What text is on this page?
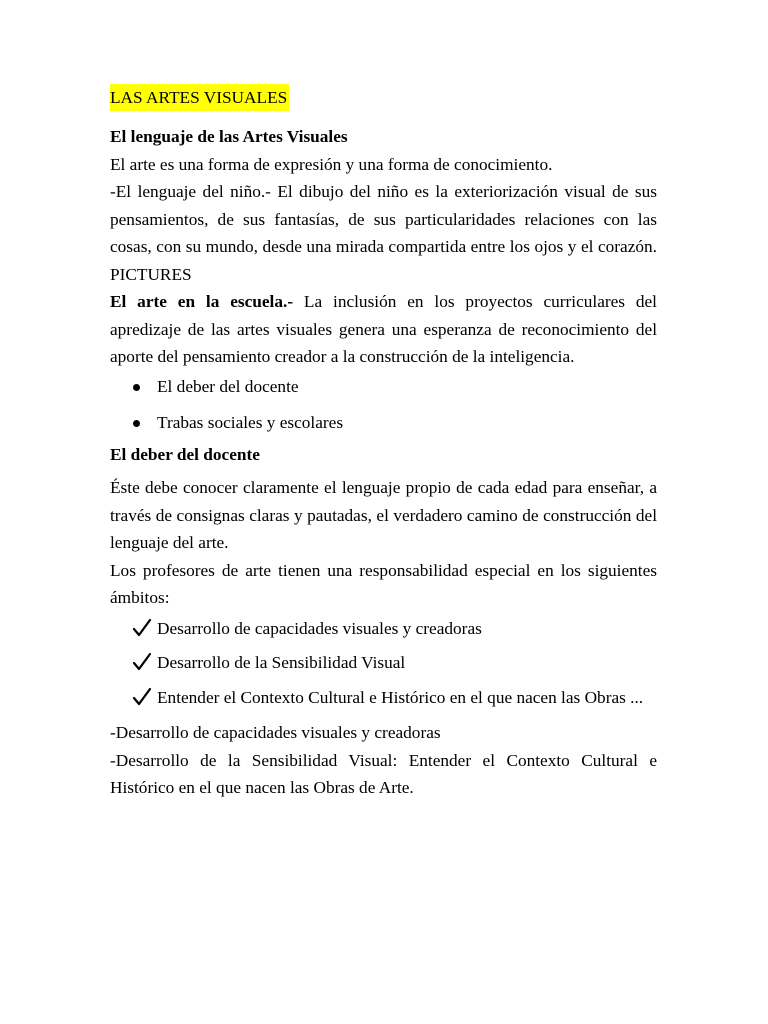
LAS ARTES VISUALES
El lenguaje de las Artes Visuales
El arte es una forma de expresión y una forma de conocimiento.
-El lenguaje del niño.- El dibujo del niño es la exteriorización visual de sus pensamientos, de sus fantasías, de sus particularidades relaciones con las cosas, con su mundo, desde una mirada compartida entre los ojos y el corazón. PICTURES
El arte en la escuela.- La inclusión en los proyectos curriculares del apredizaje de las artes visuales genera una esperanza de reconocimiento del aporte del pensamiento creador a la construcción de la inteligencia.
El deber del docente
Trabas sociales y escolares
El deber del docente
Éste debe conocer claramente el lenguaje propio de cada edad para enseñar, a través de consignas claras y pautadas, el verdadero camino de construcción del lenguaje del arte.
Los profesores de arte tienen una responsabilidad especial en los siguientes ámbitos:
Desarrollo de capacidades visuales y creadoras
Desarrollo de la Sensibilidad Visual
Entender el Contexto Cultural e Histórico en el que nacen las Obras ...
-Desarrollo de capacidades visuales y creadoras
-Desarrollo de la Sensibilidad Visual: Entender el Contexto Cultural e Histórico en el que nacen las Obras de Arte.
